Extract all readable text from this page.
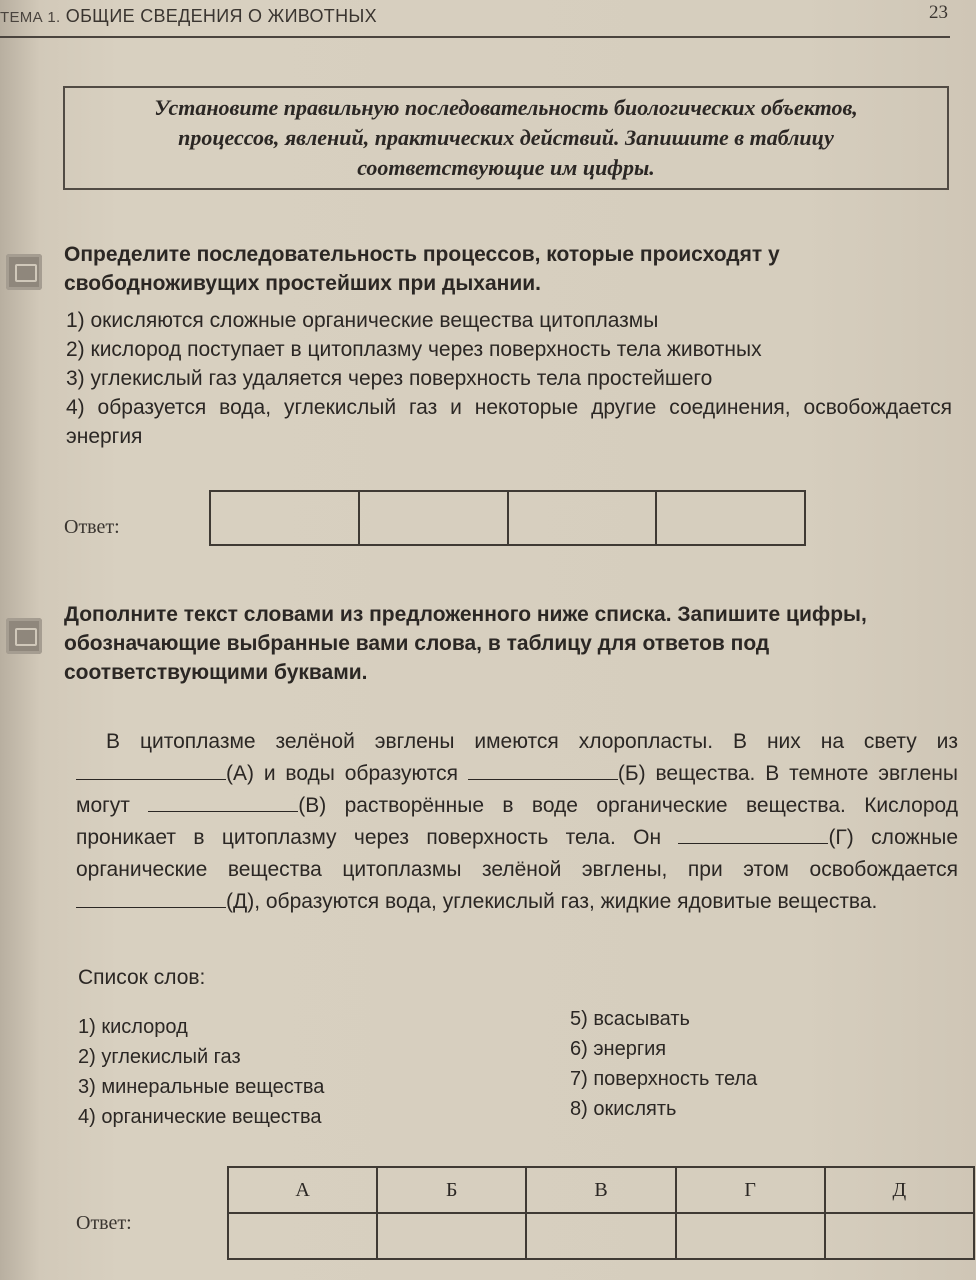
ТЕМА 1. ОБЩИЕ СВЕДЕНИЯ О ЖИВОТНЫХ	23

Установите правильную последовательность биологических объектов, процессов, явлений, практических действий. Запишите в таблицу соответствующие им цифры.

Определите последовательность процессов, которые происходят у свободноживущих простейших при дыхании.

1) окисляются сложные органические вещества цитоплазмы
2) кислород поступает в цитоплазму через поверхность тела животных
3) углекислый газ удаляется через поверхность тела простейшего
4) образуется вода, углекислый газ и некоторые другие соединения, освобождается энергия
Ответ:

Дополните текст словами из предложенного ниже списка. Запишите цифры, обозначающие выбранные вами слова, в таблицу для ответов под соответствующими буквами.

В цитоплазме зелёной эвглены имеются хлоропласты. В них на свету из (А) и воды образуются	(Б) вещества. В темноте эвглены могут	(В) растворённые в воде органические вещества. Кислород проникает в цитоплазму через поверхность тела. Он	(Г) сложные органические вещества цитоплазмы зелёной эвглены, при этом освобождается (Д), образуются вода, углекислый газ, жидкие ядовитые вещества.

Список слов:

1) кислород
2) углекислый газ
3) минеральные вещества
4) органические вещества
5) всасывать
6) энергия
7) поверхность тела
8) окислять
Ответ:
А	Б	В	Г	Д
